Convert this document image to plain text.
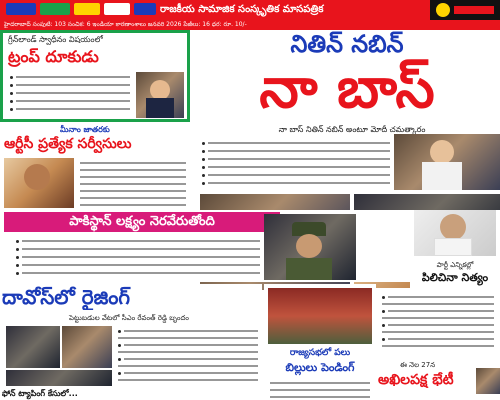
రాజకీయ సామాజిక సంస్కృతిక మాసపత్రిక
హైదరాబాద్ సంపుటి: 103 సంచిక: 6 ఇండియా కారణాంశాలు జనవరి 2026 పేజీలు: 16 ధర: రూ. 10/-
గ్రీన్‌లాండ్ స్వాధీనం విషయంలో
ట్రంప్ దూకుడు	నితిన్ నబిన్
నా బాస్
నా బాస్ నితిన్ నబిన్ అంటూ మోదీ చమత్కారం
మీనాం జాతరకు
ఆర్టీసీ ప్రత్యేక సర్వీసులు
పాకిస్థాన్ లక్ష్యం నెరవేరుతోంది
పార్టీ ఎన్నికల్లో
పిలిచినా నిత్యం
దావోస్‌లో రైజింగ్
పెట్టుబడుల వేటలో సీఎం రేవంత్ రెడ్డి బృందం
ఫోన్ ట్యాపింగ్ కేసులో...
రాజ్యసభలో పలు
బిల్లులు పెండింగ్	ఈ నెల 27న
అఖిలపక్ష భేటీ
